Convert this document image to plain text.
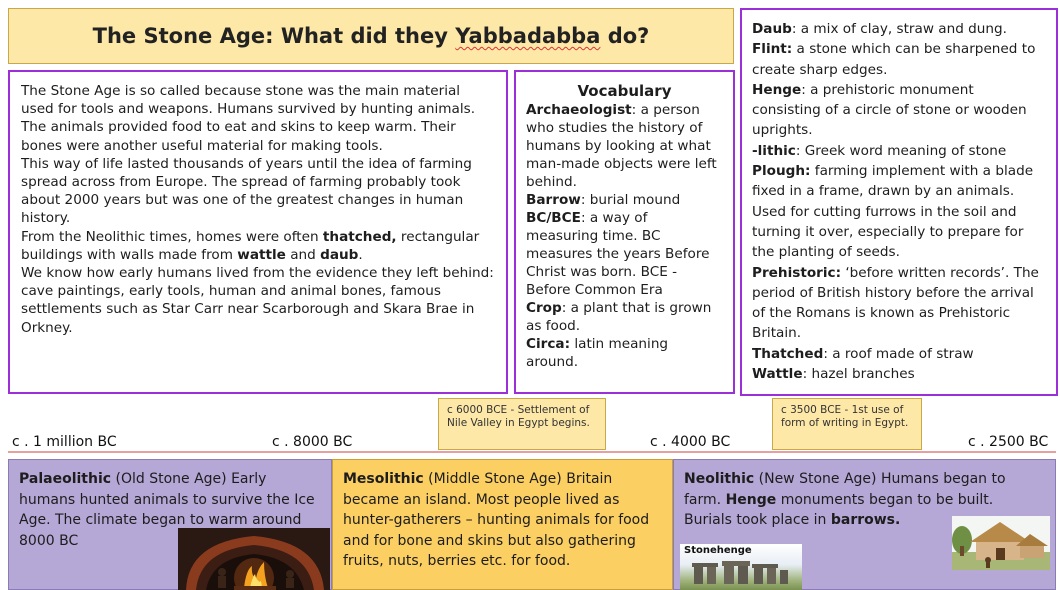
The Stone Age: What did they Yabbadabba do?

The Stone Age is so called because stone was the main material used for tools and weapons. Humans survived by hunting animals. The animals provided food to eat and skins to keep warm. Their bones were another useful material for making tools.

This way of life lasted thousands of years until the idea of farming spread across from Europe. The spread of farming probably took about 2000 years but was one of the greatest changes in human history.

From the Neolithic times, homes were often thatched, rectangular buildings with walls made from wattle and daub.

We know how early humans lived from the evidence they left behind: cave paintings, early tools, human and animal bones, famous settlements such as Star Carr near Scarborough and Skara Brae in Orkney.

Vocabulary
Archaeologist: a person who studies the history of humans by looking at what man-made objects were left behind.
Barrow: burial mound
BC/BCE: a way of measuring time. BC measures the years Before Christ was born. BCE - Before Common Era
Crop: a plant that is grown as food.
Circa: latin meaning around.
Daub: a mix of clay, straw and dung.
Flint: a stone which can be sharpened to create sharp edges.
Henge: a prehistoric monument consisting of a circle of stone or wooden uprights.
-lithic: Greek word meaning of stone
Plough: farming implement with a blade fixed in a frame, drawn by an animals. Used for cutting furrows in the soil and turning it over, especially to prepare for the planting of seeds.
Prehistoric: ‘before written records’. The period of British history before the arrival of the Romans is known as Prehistoric Britain.
Thatched: a roof made of straw
Wattle: hazel branches
c 6000 BCE - Settlement of Nile Valley in Egypt begins.
c 3500 BCE - 1st use of form of writing in Egypt.
c . 1 million BC	c . 8000 BC	c . 4000 BC	c . 2500 BC
Palaeolithic (Old Stone Age) Early humans hunted animals to survive the Ice Age. The climate began to warm around 8000 BC
Mesolithic (Middle Stone Age) Britain became an island. Most people lived as hunter-gatherers – hunting animals for food and for bone and skins but also gathering fruits, nuts, berries etc. for food.
Neolithic (New Stone Age) Humans began to farm. Henge monuments began to be built. Burials took place in barrows.
Stonehenge
